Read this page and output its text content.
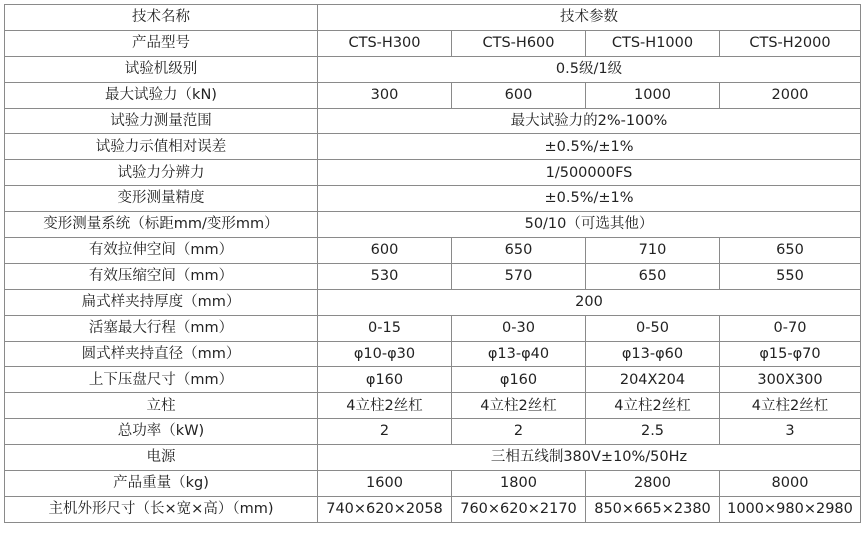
技术名称	技术参数			
产品型号	CTS-H300	CTS-H600	CTS-H1000	CTS-H2000
试验机级别	0.5级/1级			
最大试验力（kN)	300	600	1000	2000
试验力测量范围	最大试验力的2%-100%			
试验力示值相对误差	±0.5%/±1%			
试验力分辨力	1/500000FS			
变形测量精度	±0.5%/±1%			
变形测量系统（标距mm/变形mm）	50/10（可选其他）			
有效拉伸空间（mm）	600	650	710	650
有效压缩空间（mm）	530	570	650	550
扁式样夹持厚度（mm）	200			
活塞最大行程（mm）	0-15	0-30	0-50	0-70
圆式样夹持直径（mm）	φ10-φ30	φ13-φ40	φ13-φ60	φ15-φ70
上下压盘尺寸（mm）	φ160	φ160	204X204	300X300
立柱	4立柱2丝杠	4立柱2丝杠	4立柱2丝杠	4立柱2丝杠
总功率（kW)	2	2	2.5	3
电源	三相五线制380V±10%/50Hz			
产品重量（kg)	1600	1800	2800	8000
主机外形尺寸（长×宽×高）（mm)	740×620×2058	760×620×2170	850×665×2380	1000×980×2980
